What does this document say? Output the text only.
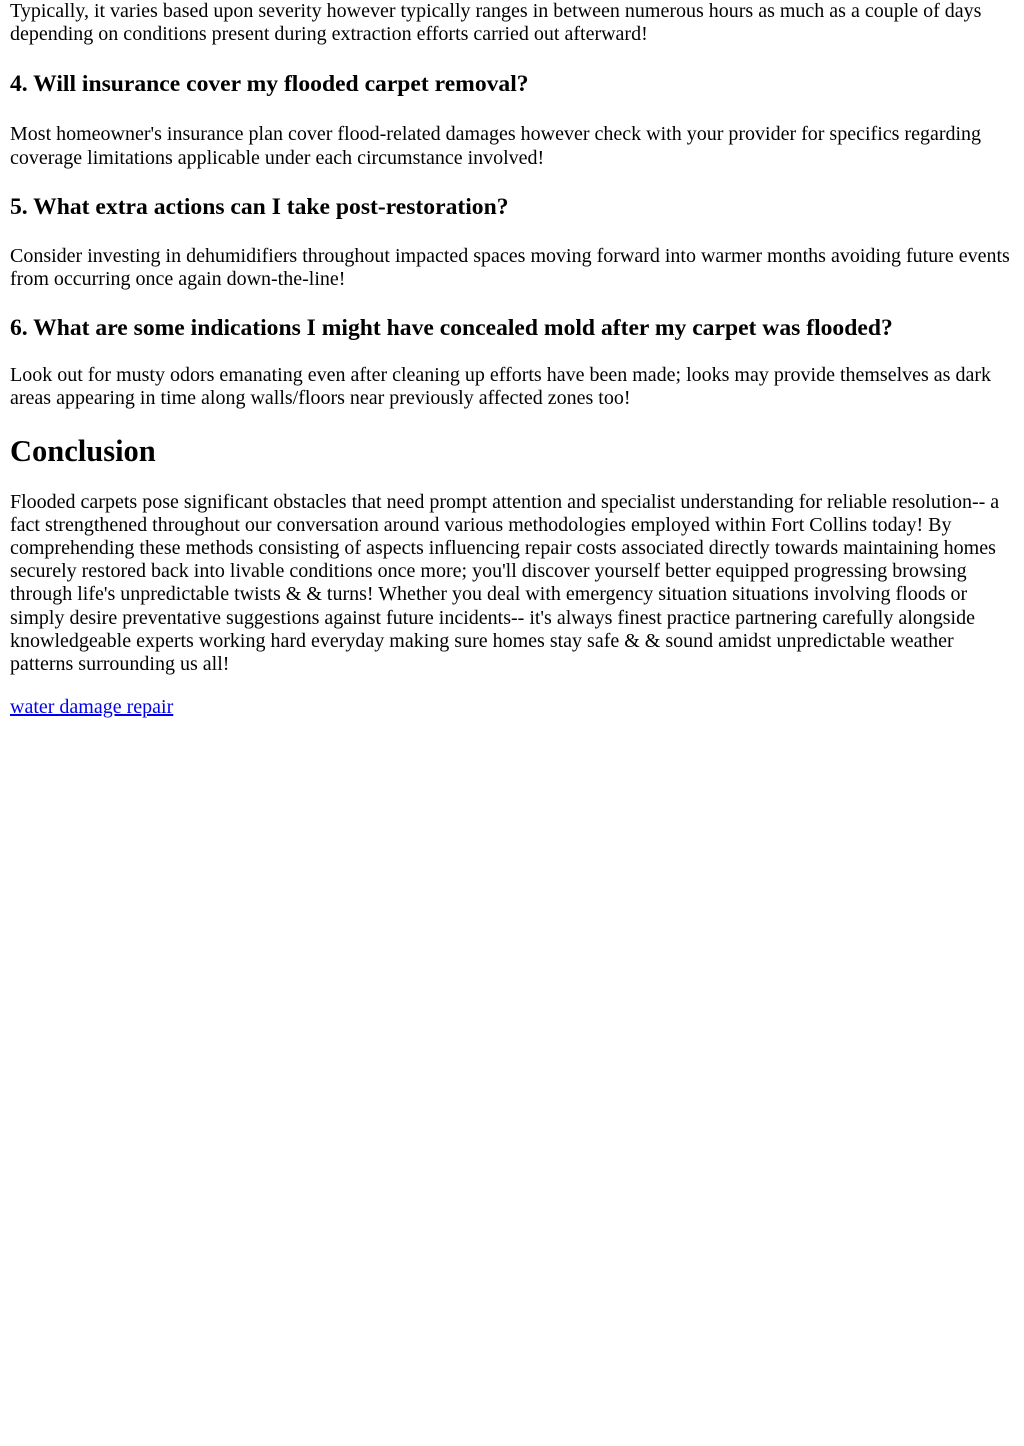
Typically, it varies based upon severity however typically ranges in between numerous hours as much as a couple of days depending on conditions present during extraction efforts carried out afterward!

4. Will insurance cover my flooded carpet removal?

Most homeowner's insurance plan cover flood-related damages however check with your provider for specifics regarding coverage limitations applicable under each circumstance involved!

5. What extra actions can I take post-restoration?

Consider investing in dehumidifiers throughout impacted spaces moving forward into warmer months avoiding future events from occurring once again down-the-line!

6. What are some indications I might have concealed mold after my carpet was flooded?

Look out for musty odors emanating even after cleaning up efforts have been made; looks may provide themselves as dark areas appearing in time along walls/floors near previously affected zones too!

Conclusion

Flooded carpets pose significant obstacles that need prompt attention and specialist understanding for reliable resolution-- a fact strengthened throughout our conversation around various methodologies employed within Fort Collins today! By comprehending these methods consisting of aspects influencing repair costs associated directly towards maintaining homes securely restored back into livable conditions once more; you'll discover yourself better equipped progressing browsing through life's unpredictable twists & & turns! Whether you deal with emergency situation situations involving floods or simply desire preventative suggestions against future incidents-- it's always finest practice partnering carefully alongside knowledgeable experts working hard everyday making sure homes stay safe & & sound amidst unpredictable weather patterns surrounding us all!

water damage repair
